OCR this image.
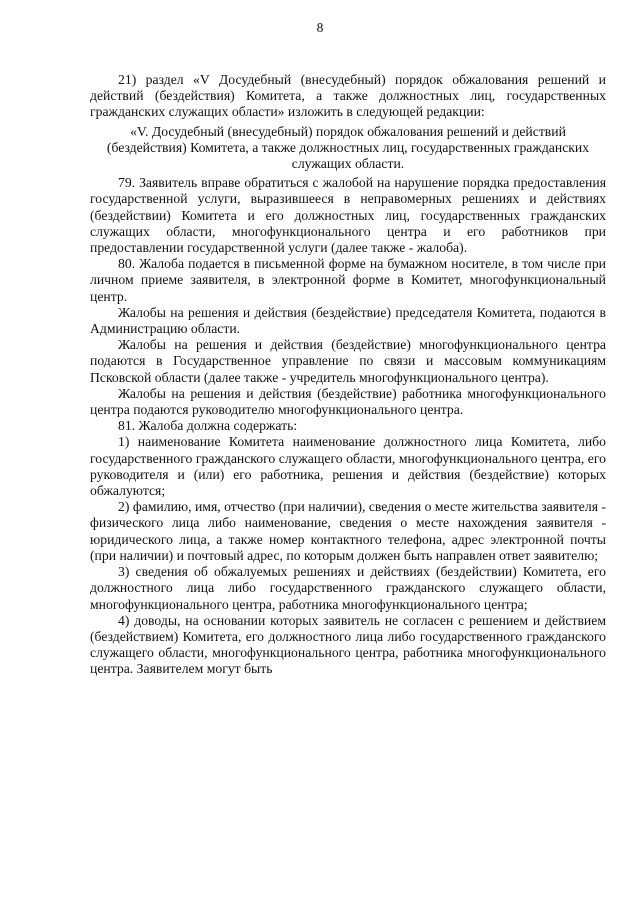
8

21) раздел «V Досудебный (внесудебный) порядок обжалования решений и действий (бездействия) Комитета, а также должностных лиц, государственных гражданских служащих области» изложить в следующей редакции:

«V. Досудебный (внесудебный) порядок обжалования решений и действий (бездействия) Комитета, а также должностных лиц, государственных гражданских служащих области.

79. Заявитель вправе обратиться с жалобой на нарушение порядка предоставления государственной услуги, выразившееся в неправомерных решениях и действиях (бездействии) Комитета и его должностных лиц, государственных гражданских служащих области, многофункционального центра и его работников при предоставлении государственной услуги (далее также - жалоба).

80. Жалоба подается в письменной форме на бумажном носителе, в том числе при личном приеме заявителя, в электронной форме в Комитет, многофункциональный центр.

Жалобы на решения и действия (бездействие) председателя Комитета, подаются в Администрацию области.

Жалобы на решения и действия (бездействие) многофункционального центра подаются в Государственное управление по связи и массовым коммуникациям Псковской области (далее также - учредитель многофункционального центра).

Жалобы на решения и действия (бездействие) работника многофункционального центра подаются руководителю многофункционального центра.

81. Жалоба должна содержать:

1) наименование Комитета наименование должностного лица Комитета, либо государственного гражданского служащего области, многофункционального центра, его руководителя и (или) его работника, решения и действия (бездействие) которых обжалуются;

2) фамилию, имя, отчество (при наличии), сведения о месте жительства заявителя - физического лица либо наименование, сведения о месте нахождения заявителя - юридического лица, а также номер контактного телефона, адрес электронной почты (при наличии) и почтовый адрес, по которым должен быть направлен ответ заявителю;

3) сведения об обжалуемых решениях и действиях (бездействии) Комитета, его должностного лица либо государственного гражданского служащего области, многофункционального центра, работника многофункционального центра;

4) доводы, на основании которых заявитель не согласен с решением и действием (бездействием) Комитета, его должностного лица либо государственного гражданского служащего области, многофункционального центра, работника многофункционального центра. Заявителем могут быть
